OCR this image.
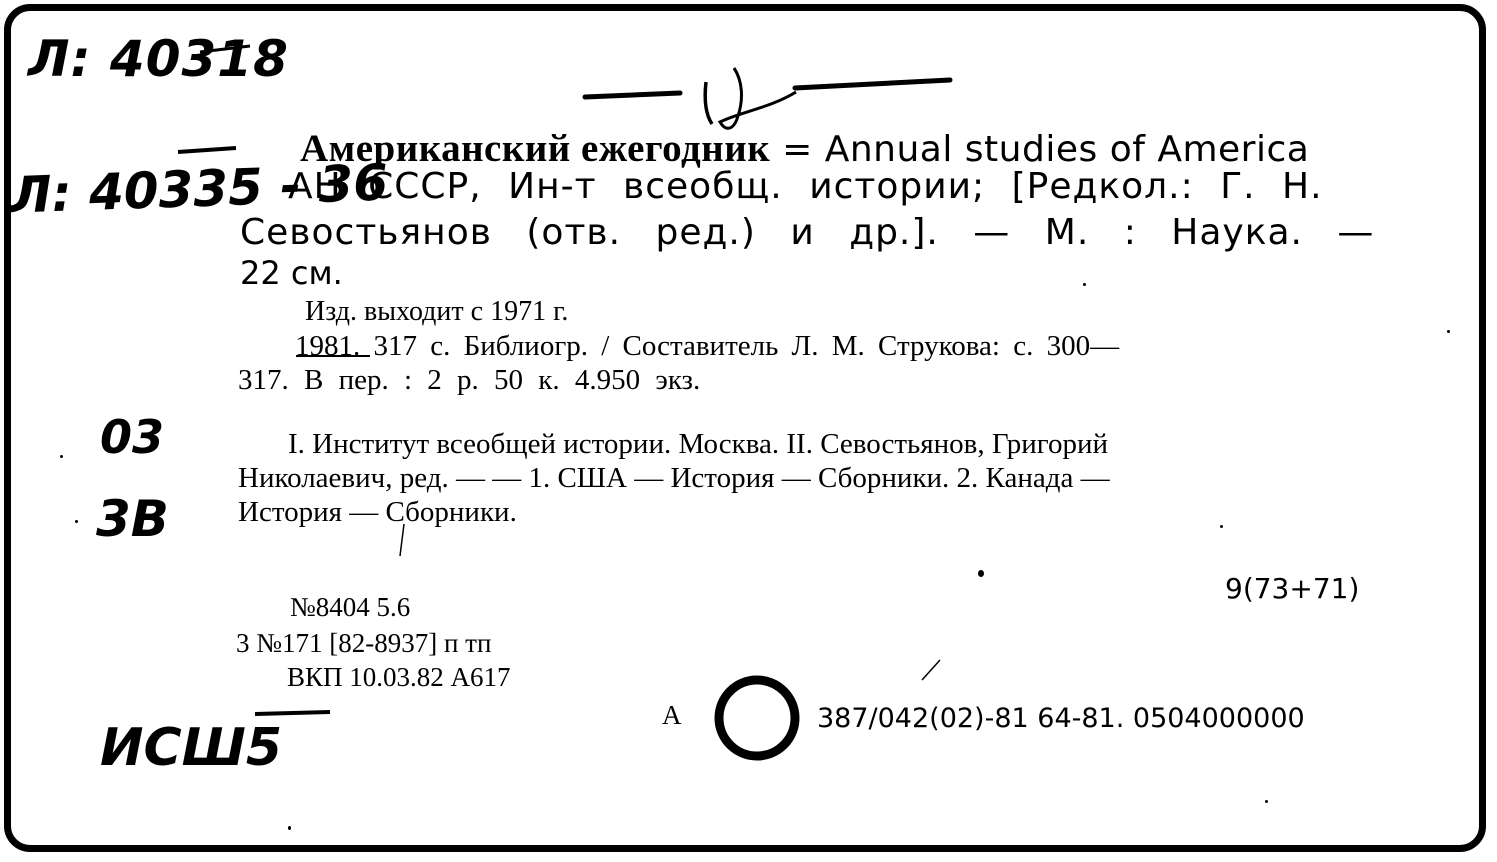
Л: 40318
Л: 40335 - 36
03
3В
ИСШ5
Американский ежегодник = Annual studies of America
АН СССР, Ин-т всеобщ. истории; [Редкол.: Г. Н.
Севостьянов (отв. ред.) и др.]. — М. : Наука. —
22 см.
Изд. выходит с 1971 г.
1981. 317 с. Библиогр. / Составитель Л. М. Струкова: с. 300—
317. В пер. : 2 р. 50 к. 4.950 экз.
I. Институт всеобщей истории. Москва. II. Севостьянов, Григорий
Николаевич, ред. — — 1. США — История — Сборники. 2. Канада —
История — Сборники.
9(73+71)
№8404 5.6
3 №171 [82-8937] п тп
ВКП 10.03.82 А617
А	387/042(02)-81 64-81. 0504000000
